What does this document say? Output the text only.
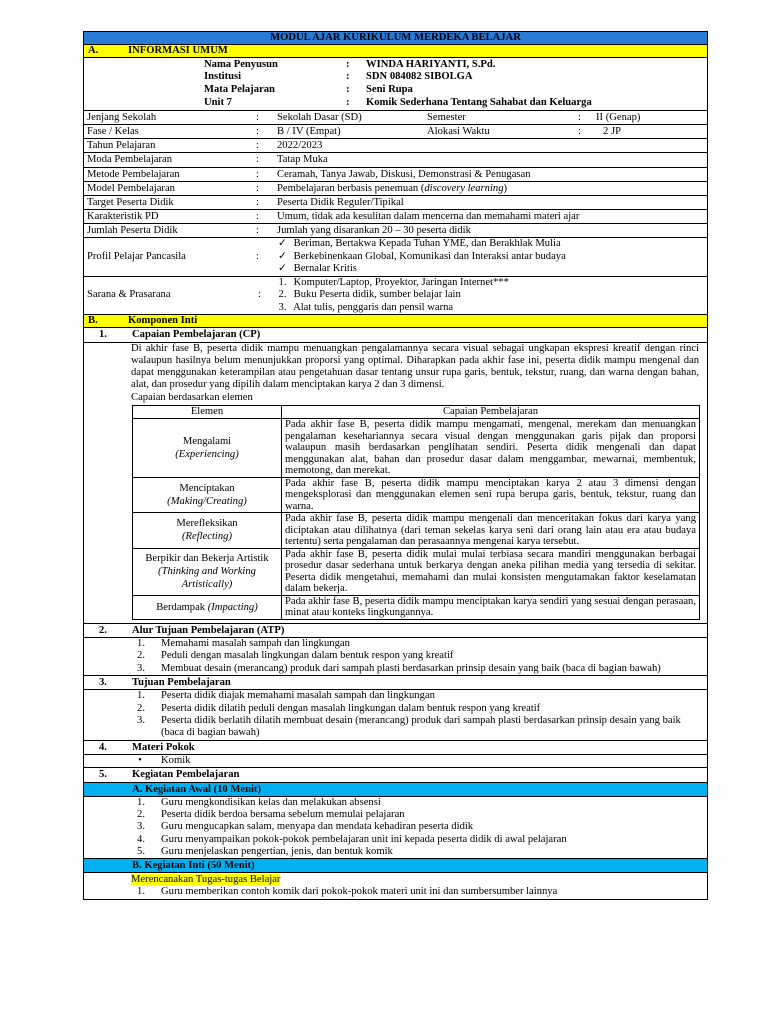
MODUL AJAR KURIKULUM MERDEKA BELAJAR
A.	INFORMASI UMUM
Nama Penyusun	: WINDA HARIYANTI, S.Pd.
Institusi	: SDN 084082 SIBOLGA
Mata Pelajaran	: Seni Rupa
Unit 7	: Komik Sederhana Tentang Sahabat dan Keluarga
Jenjang Sekolah	: Sekolah Dasar (SD)	Semester	: II (Genap)
Fase / Kelas	: B / IV (Empat)	Alokasi Waktu	: 2 JP
Tahun Pelajaran	: 2022/2023
Moda Pembelajaran	: Tatap Muka
Metode Pembelajaran	: Ceramah, Tanya Jawab, Diskusi, Demonstrasi & Penugasan
Model Pembelajaran	: Pembelajaran berbasis penemuan (discovery learning)
Target Peserta Didik	: Peserta Didik Reguler/Tipikal
Karakteristik PD	: Umum, tidak ada kesulitan dalam mencerna dan memahami materi ajar
Jumlah Peserta Didik	: Jumlah yang disarankan 20 – 30 peserta didik
Profil Pelajar Pancasila	:
✓ Beriman, Bertakwa Kepada Tuhan YME, dan Berakhlak Mulia
✓ Berkebinenkaan Global, Komunikasi dan Interaksi antar budaya
✓ Bernalar Kritis
Sarana & Prasarana	:
1. Komputer/Laptop, Proyektor, Jaringan Internet***
2. Buku Peserta didik, sumber belajar lain
3. Alat tulis, penggaris dan pensil warna
B.	Komponen Inti
1. Capaian Pembelajaran (CP)
Di akhir fase B, peserta didik mampu menuangkan pengalamannya secara visual sebagai ungkapan ekspresi kreatif dengan rinci walaupun hasilnya belum menunjukkan proporsi yang optimal. Diharapkan pada akhir fase ini, peserta didik mampu mengenal dan dapat menggunakan keterampilan atau pengetahuan dasar tentang unsur rupa garis, bentuk, tekstur, ruang, dan warna dengan bahan, alat, dan prosedur yang dipilih dalam menciptakan karya 2 dan 3 dimensi.
Capaian berdasarkan elemen
Elemen	Capaian Pembelajaran
Mengalami
(Experiencing)	Pada akhir fase B, peserta didik mampu mengamati, mengenal, merekam dan menuangkan pengalaman kesehariannya secara visual dengan menggunakan garis pijak dan proporsi walaupun masih berdasarkan penglihatan sendiri. Peserta didik mengenali dan dapat menggunakan alat, bahan dan prosedur dasar dalam menggambar, mewarnai, membentuk, memotong, dan merekat.
Menciptakan
(Making/Creating)	Pada akhir fase B, peserta didik mampu menciptakan karya 2 atau 3 dimensi dengan mengeksplorasi dan menggunakan elemen seni rupa berupa garis, bentuk, tekstur, ruang dan warna.
Merefleksikan
(Reflecting)	Pada akhir fase B, peserta didik mampu mengenali dan menceritakan fokus dari karya yang diciptakan atau dilihatnya (dari teman sekelas karya seni dari orang lain atau era atau budaya tertentu) serta pengalaman dan perasaannya mengenai karya tersebut.
Berpikir dan Bekerja Artistik (Thinking and Working Artistically)	Pada akhir fase B, peserta didik mulai mulai terbiasa secara mandiri menggunakan berbagai prosedur dasar sederhana untuk berkarya dengan aneka pilihan media yang tersedia di sekitar. Peserta didik mengetahui, memahami dan mulai konsisten mengutamakan faktor keselamatan dalam bekerja.
Berdampak (Impacting)	Pada akhir fase B, peserta didik mampu menciptakan karya sendiri yang sesuai dengan perasaan, minat atau konteks lingkungannya.
2. Alur Tujuan Pembelajaran (ATP)
1. Memahami masalah sampah dan lingkungan
2. Peduli dengan masalah lingkungan dalam bentuk respon yang kreatif
3. Membuat desain (merancang) produk dari sampah plasti berdasarkan prinsip desain yang baik (baca di bagian bawah)
3. Tujuan Pembelajaran
1. Peserta didik diajak memahami masalah sampah dan lingkungan
2. Peserta didik dilatih peduli dengan masalah lingkungan dalam bentuk respon yang kreatif
3. Peserta didik berlatih dilatih membuat desain (merancang) produk dari sampah plasti berdasarkan prinsip desain yang baik (baca di bagian bawah)
4. Materi Pokok
•	Komik
5. Kegiatan Pembelajaran
A. Kegiatan Awal (10 Menit)
1. Guru mengkondisikan kelas dan melakukan absensi
2. Peserta didik berdoa bersama sebelum memulai pelajaran
3. Guru mengucapkan salam, menyapa dan mendata kehadiran peserta didik
4. Guru menyampaikan pokok-pokok pembelajaran unit ini kepada peserta didik di awal pelajaran
5. Guru menjelaskan pengertian, jenis, dan bentuk komik
B. Kegiatan Inti (50 Menit)
Merencanakan Tugas-tugas Belajar
1. Guru memberikan contoh komik dari pokok-pokok materi unit ini dan sumbersumber lainnya
